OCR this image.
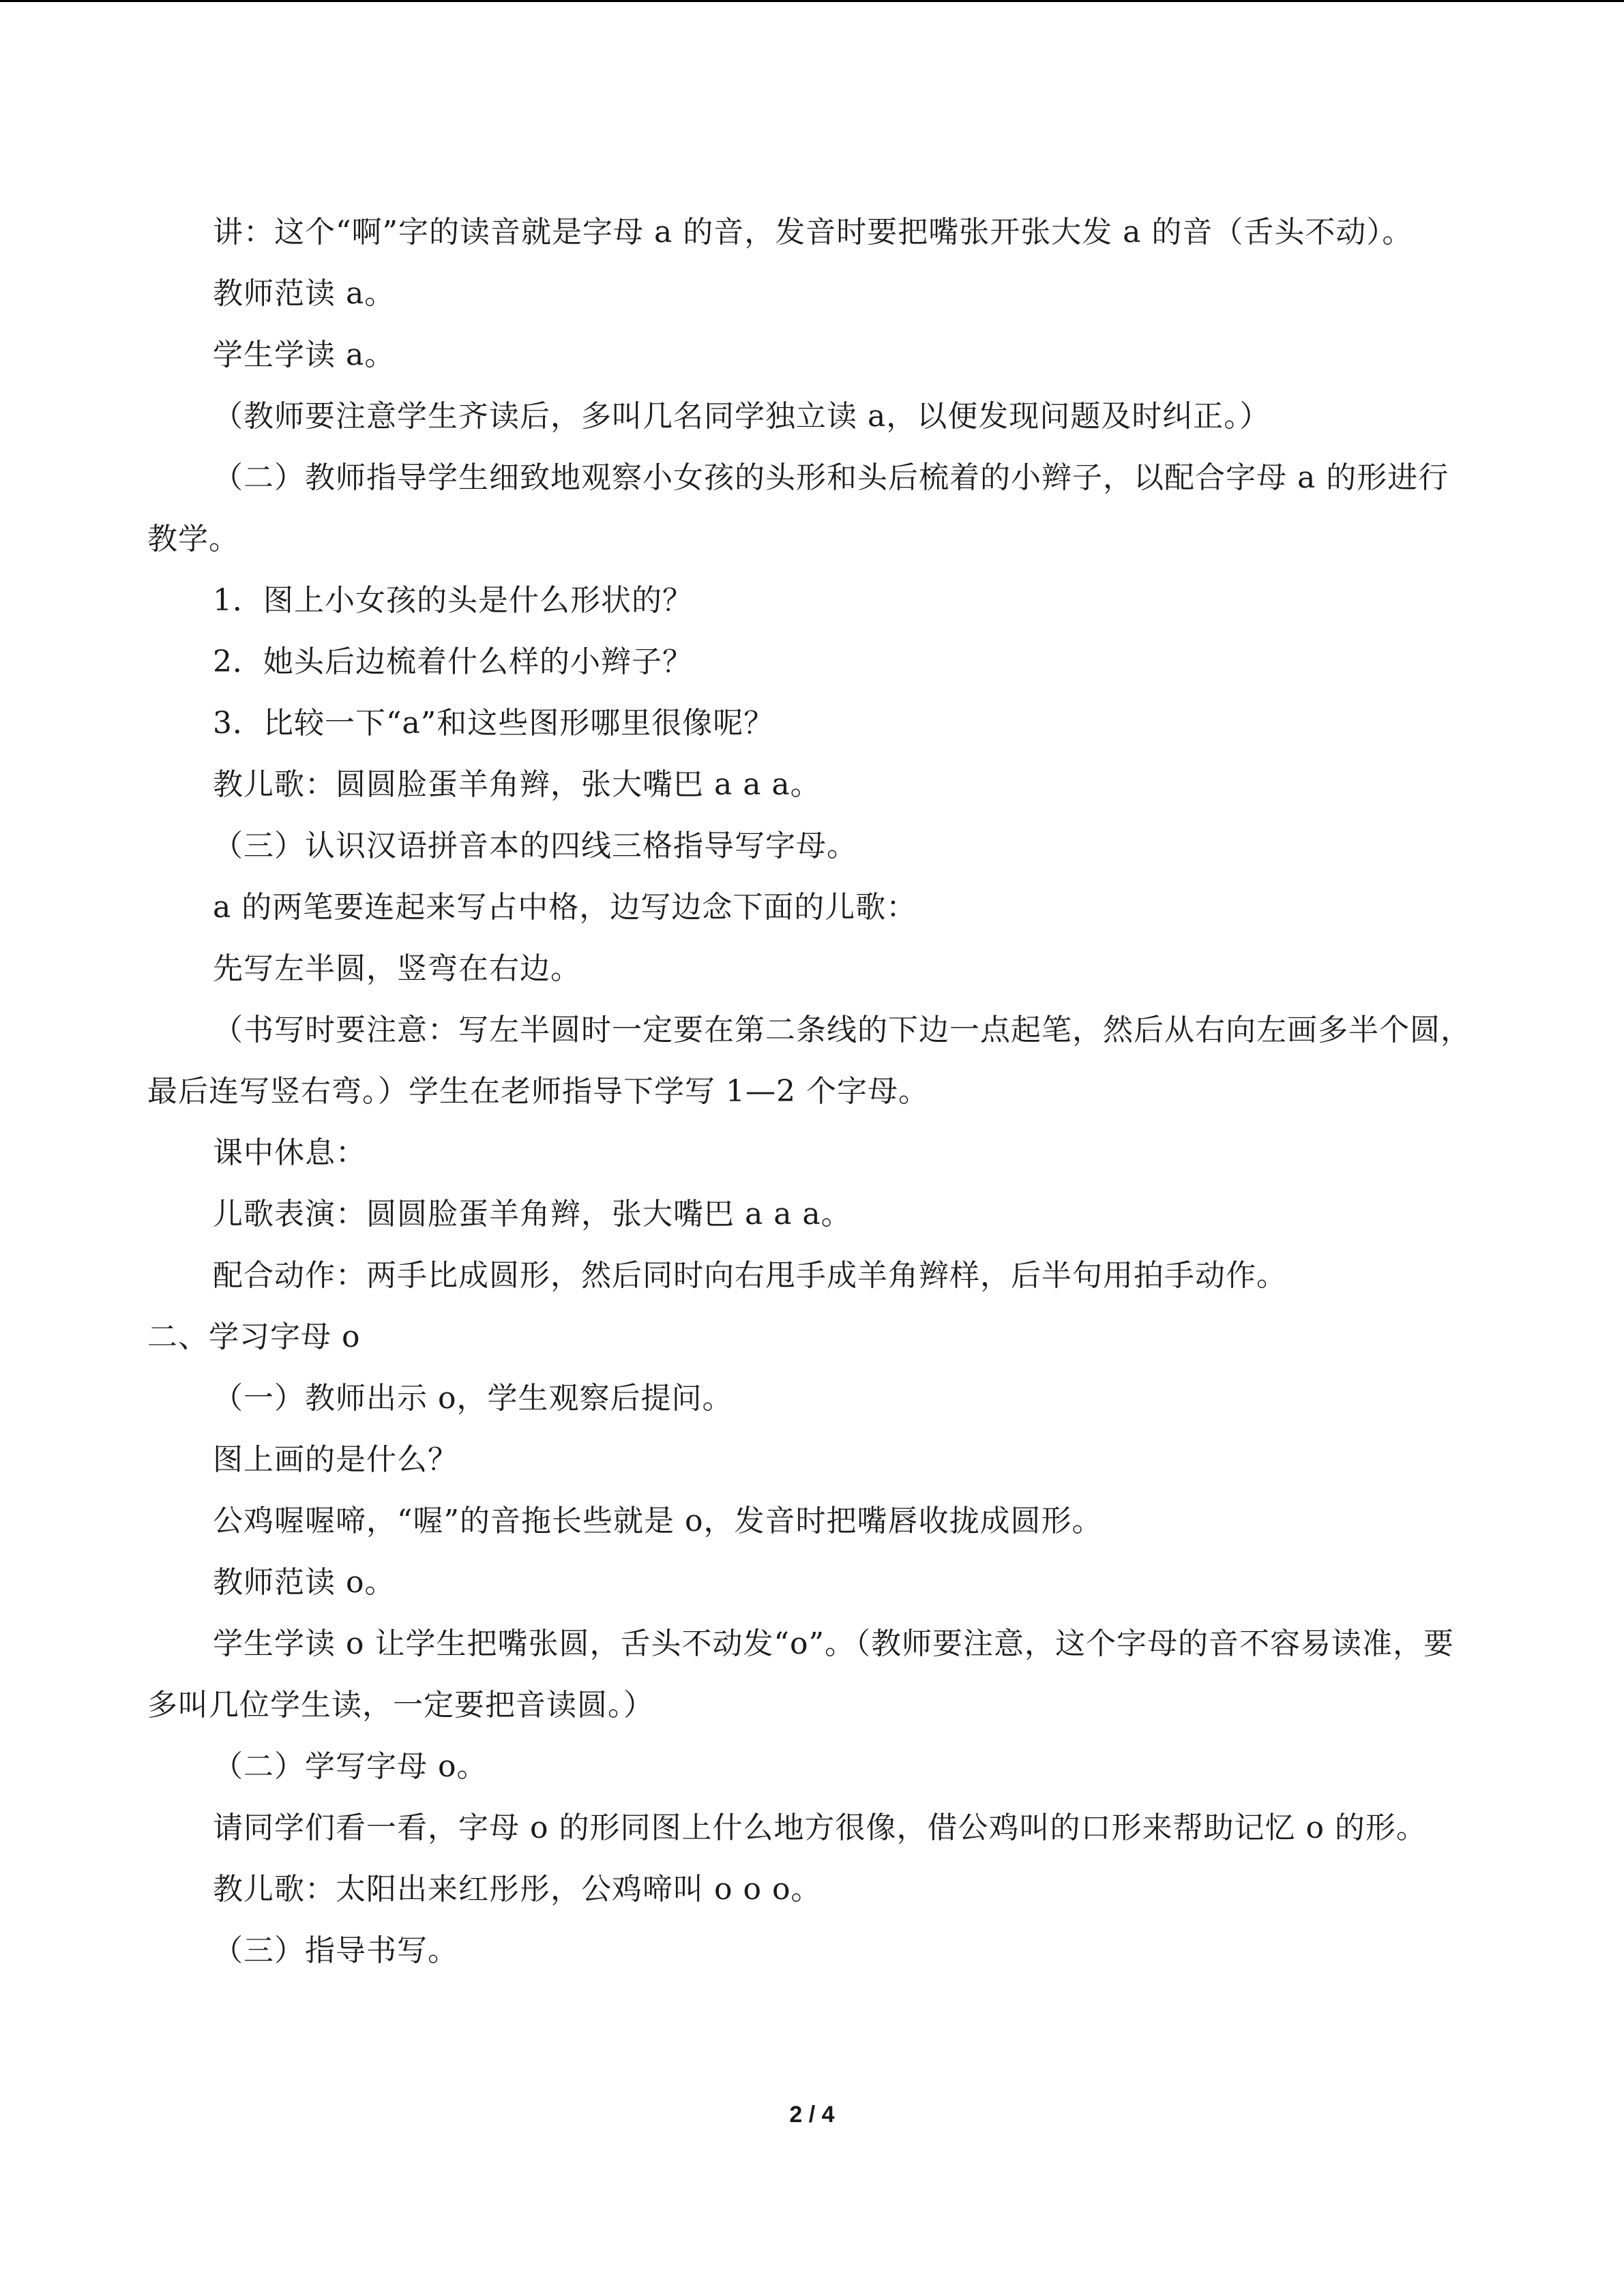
讲：这个“啊”字的读音就是字母 a 的音，发音时要把嘴张开张大发 a 的音（舌头不动）。

教师范读 a。

学生学读 a。

（教师要注意学生齐读后，多叫几名同学独立读 a，以便发现问题及时纠正。）

（二）教师指导学生细致地观察小女孩的头形和头后梳着的小辫子，以配合字母 a 的形进行教学。

1．图上小女孩的头是什么形状的？

2．她头后边梳着什么样的小辫子？

3．比较一下“a”和这些图形哪里很像呢？

教儿歌：圆圆脸蛋羊角辫，张大嘴巴 a a a。

（三）认识汉语拼音本的四线三格指导写字母。

a 的两笔要连起来写占中格，边写边念下面的儿歌：

先写左半圆，竖弯在右边。

（书写时要注意：写左半圆时一定要在第二条线的下边一点起笔，然后从右向左画多半个圆，最后连写竖右弯。）学生在老师指导下学写 1—2 个字母。

课中休息：

儿歌表演：圆圆脸蛋羊角辫，张大嘴巴 a a a。

配合动作：两手比成圆形，然后同时向右甩手成羊角辫样，后半句用拍手动作。

二、学习字母 o

（一）教师出示 o，学生观察后提问。

图上画的是什么？

公鸡喔喔啼，“喔”的音拖长些就是 o，发音时把嘴唇收拢成圆形。

教师范读 o。

学生学读 o 让学生把嘴张圆，舌头不动发“o”。（教师要注意，这个字母的音不容易读准，要多叫几位学生读，一定要把音读圆。）

（二）学写字母 o。

请同学们看一看，字母 o 的形同图上什么地方很像，借公鸡叫的口形来帮助记忆 o 的形。

教儿歌：太阳出来红彤彤，公鸡啼叫 o o o。

（三）指导书写。

2 / 4
